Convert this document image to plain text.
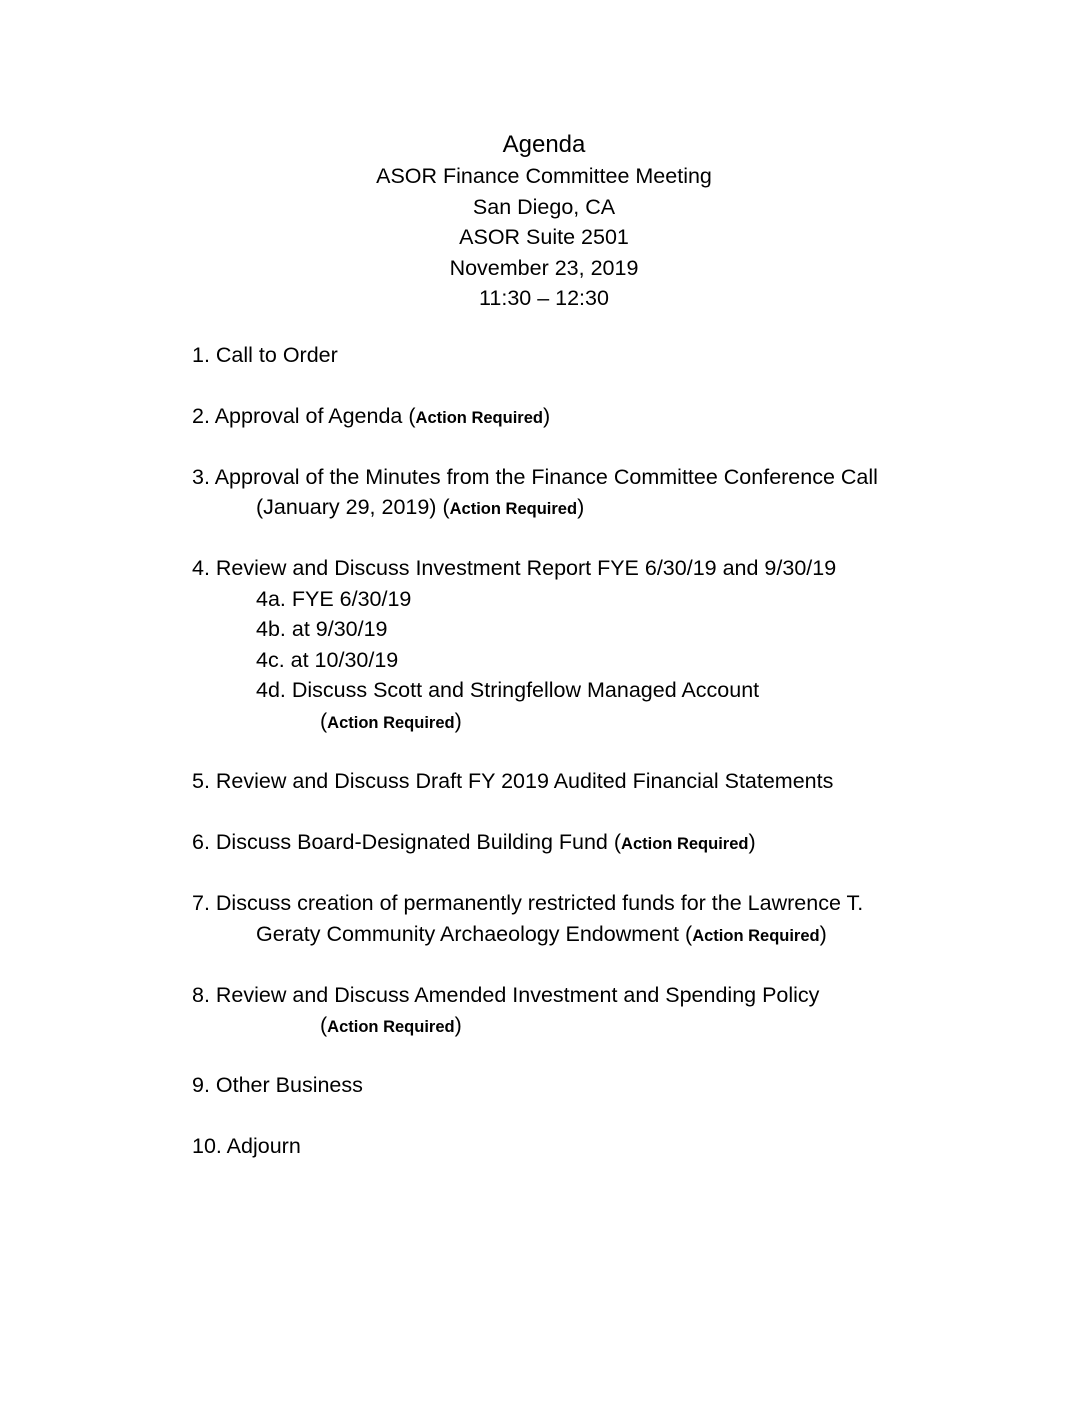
Agenda
ASOR Finance Committee Meeting
San Diego, CA
ASOR Suite 2501
November 23, 2019
11:30 – 12:30
1. Call to Order
2. Approval of Agenda (Action Required)
3. Approval of the Minutes from the Finance Committee Conference Call
(January 29, 2019) (Action Required)
4. Review and Discuss Investment Report FYE 6/30/19 and 9/30/19
4a. FYE 6/30/19
4b. at 9/30/19
4c. at 10/30/19
4d. Discuss Scott and Stringfellow Managed Account
(Action Required)
5. Review and Discuss Draft FY 2019 Audited Financial Statements
6. Discuss Board-Designated Building Fund (Action Required)
7. Discuss creation of permanently restricted funds for the Lawrence T.
Geraty Community Archaeology Endowment (Action Required)
8. Review and Discuss Amended Investment and Spending Policy
(Action Required)
9. Other Business
10. Adjourn
